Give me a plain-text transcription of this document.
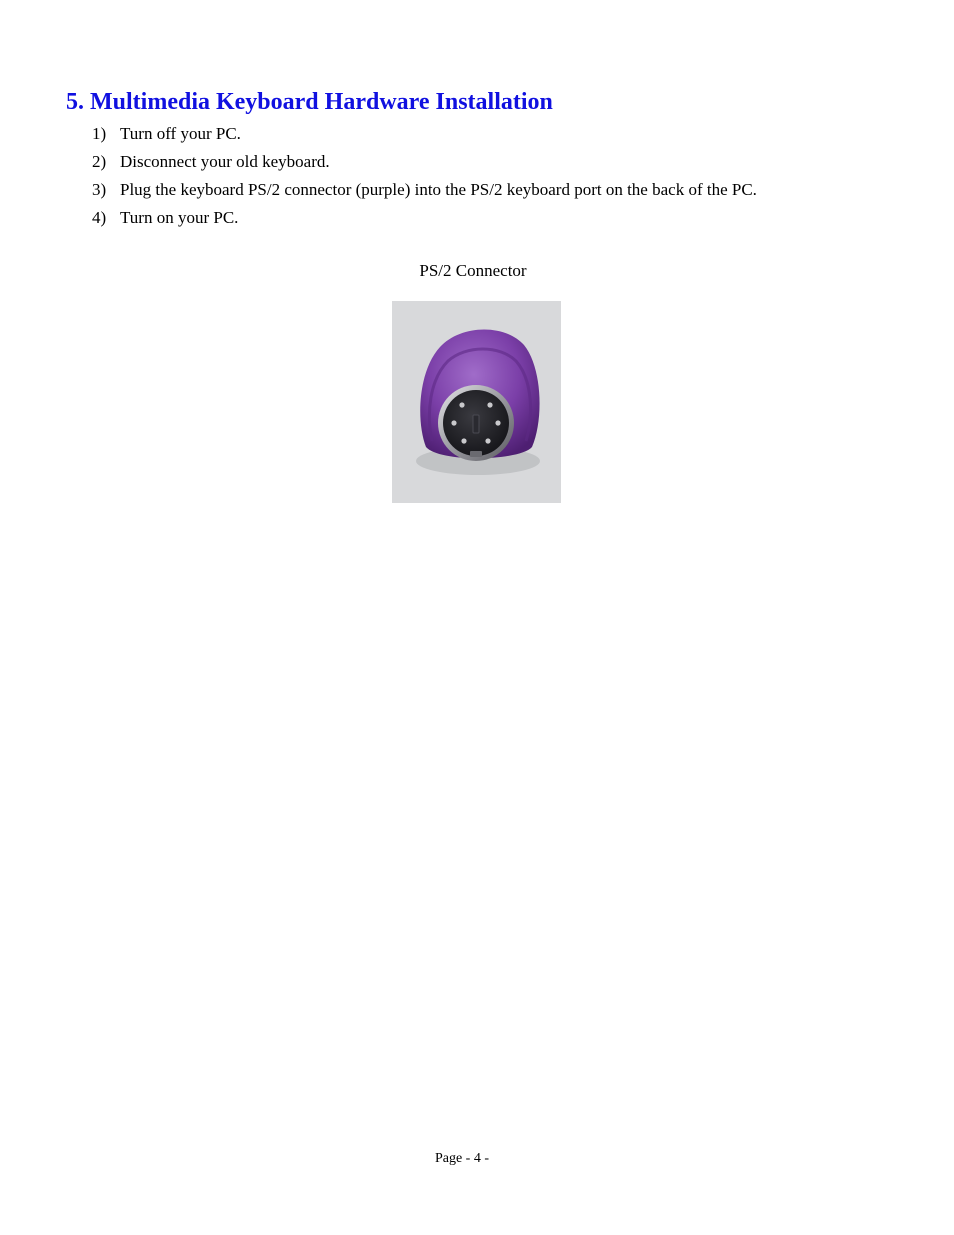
5. Multimedia Keyboard Hardware Installation
1) Turn off your PC.
2) Disconnect your old keyboard.
3) Plug the keyboard PS/2 connector (purple) into the PS/2 keyboard port on the back of the PC.
4) Turn on your PC.
PS/2 Connector
Page - 4 -
